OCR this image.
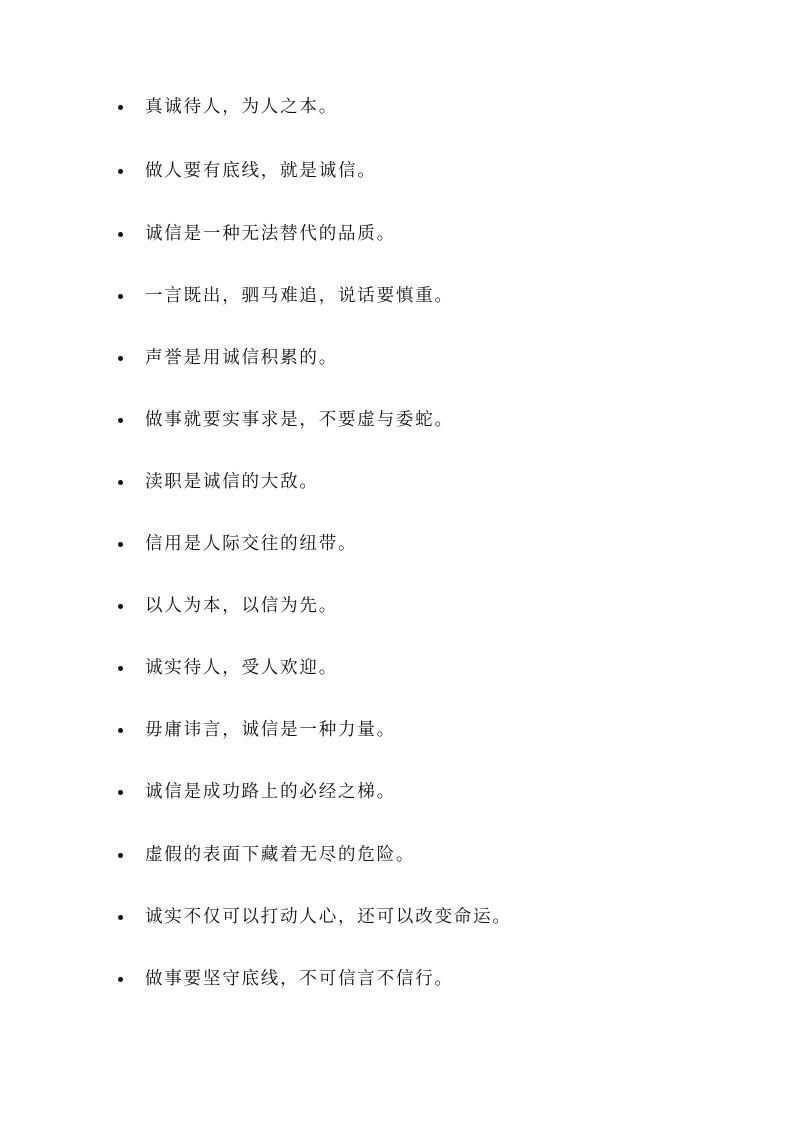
真诚待人，为人之本。
做人要有底线，就是诚信。
诚信是一种无法替代的品质。
一言既出，驷马难追，说话要慎重。
声誉是用诚信积累的。
做事就要实事求是，不要虚与委蛇。
渎职是诚信的大敌。
信用是人际交往的纽带。
以人为本，以信为先。
诚实待人，受人欢迎。
毋庸讳言，诚信是一种力量。
诚信是成功路上的必经之梯。
虚假的表面下藏着无尽的危险。
诚实不仅可以打动人心，还可以改变命运。
做事要坚守底线，不可信言不信行。
